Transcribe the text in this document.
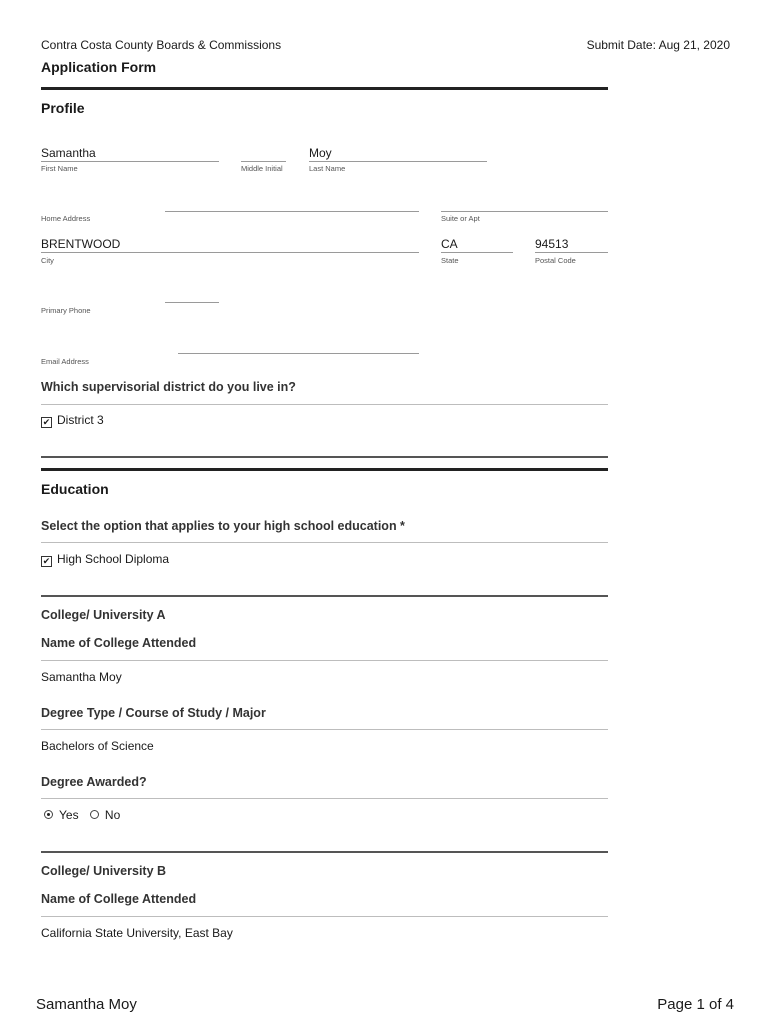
Contra Costa County Boards & Commissions	Submit Date: Aug 21, 2020
Application Form
Profile
Samantha
First Name	Middle Initial
Moy
Last Name
Home Address	Suite or Apt
BRENTWOOD
City
CA
State
94513
Postal Code
Primary Phone
Email Address
Which supervisorial district do you live in?
✔ District 3
Education
Select the option that applies to your high school education *
✔ High School Diploma
College/ University A
Name of College Attended
Samantha Moy
Degree Type / Course of Study / Major
Bachelors of Science
Degree Awarded?
Yes No
College/ University B
Name of College Attended
California State University, East Bay
Samantha Moy	Page 1 of 4
